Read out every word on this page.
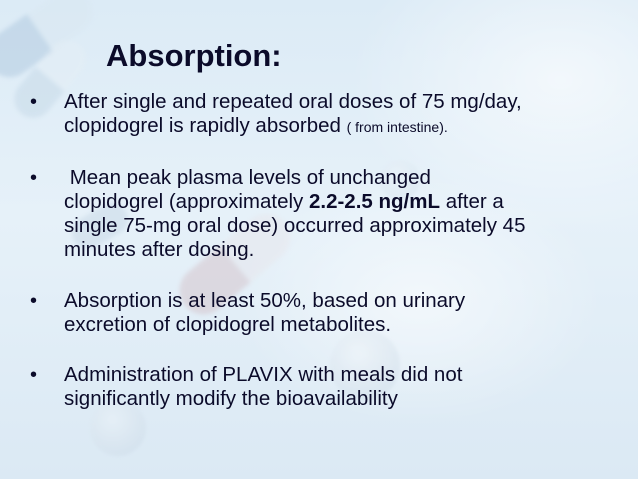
Absorption:
• After single and repeated oral doses of 75 mg/day,
clopidogrel is rapidly absorbed ( from intestine).
• Mean peak plasma levels of unchanged
clopidogrel (approximately 2.2-2.5 ng/mL after a
single 75-mg oral dose) occurred approximately 45
minutes after dosing.
• Absorption is at least 50%, based on urinary
excretion of clopidogrel metabolites.
• Administration of PLAVIX with meals did not
significantly modify the bioavailability
